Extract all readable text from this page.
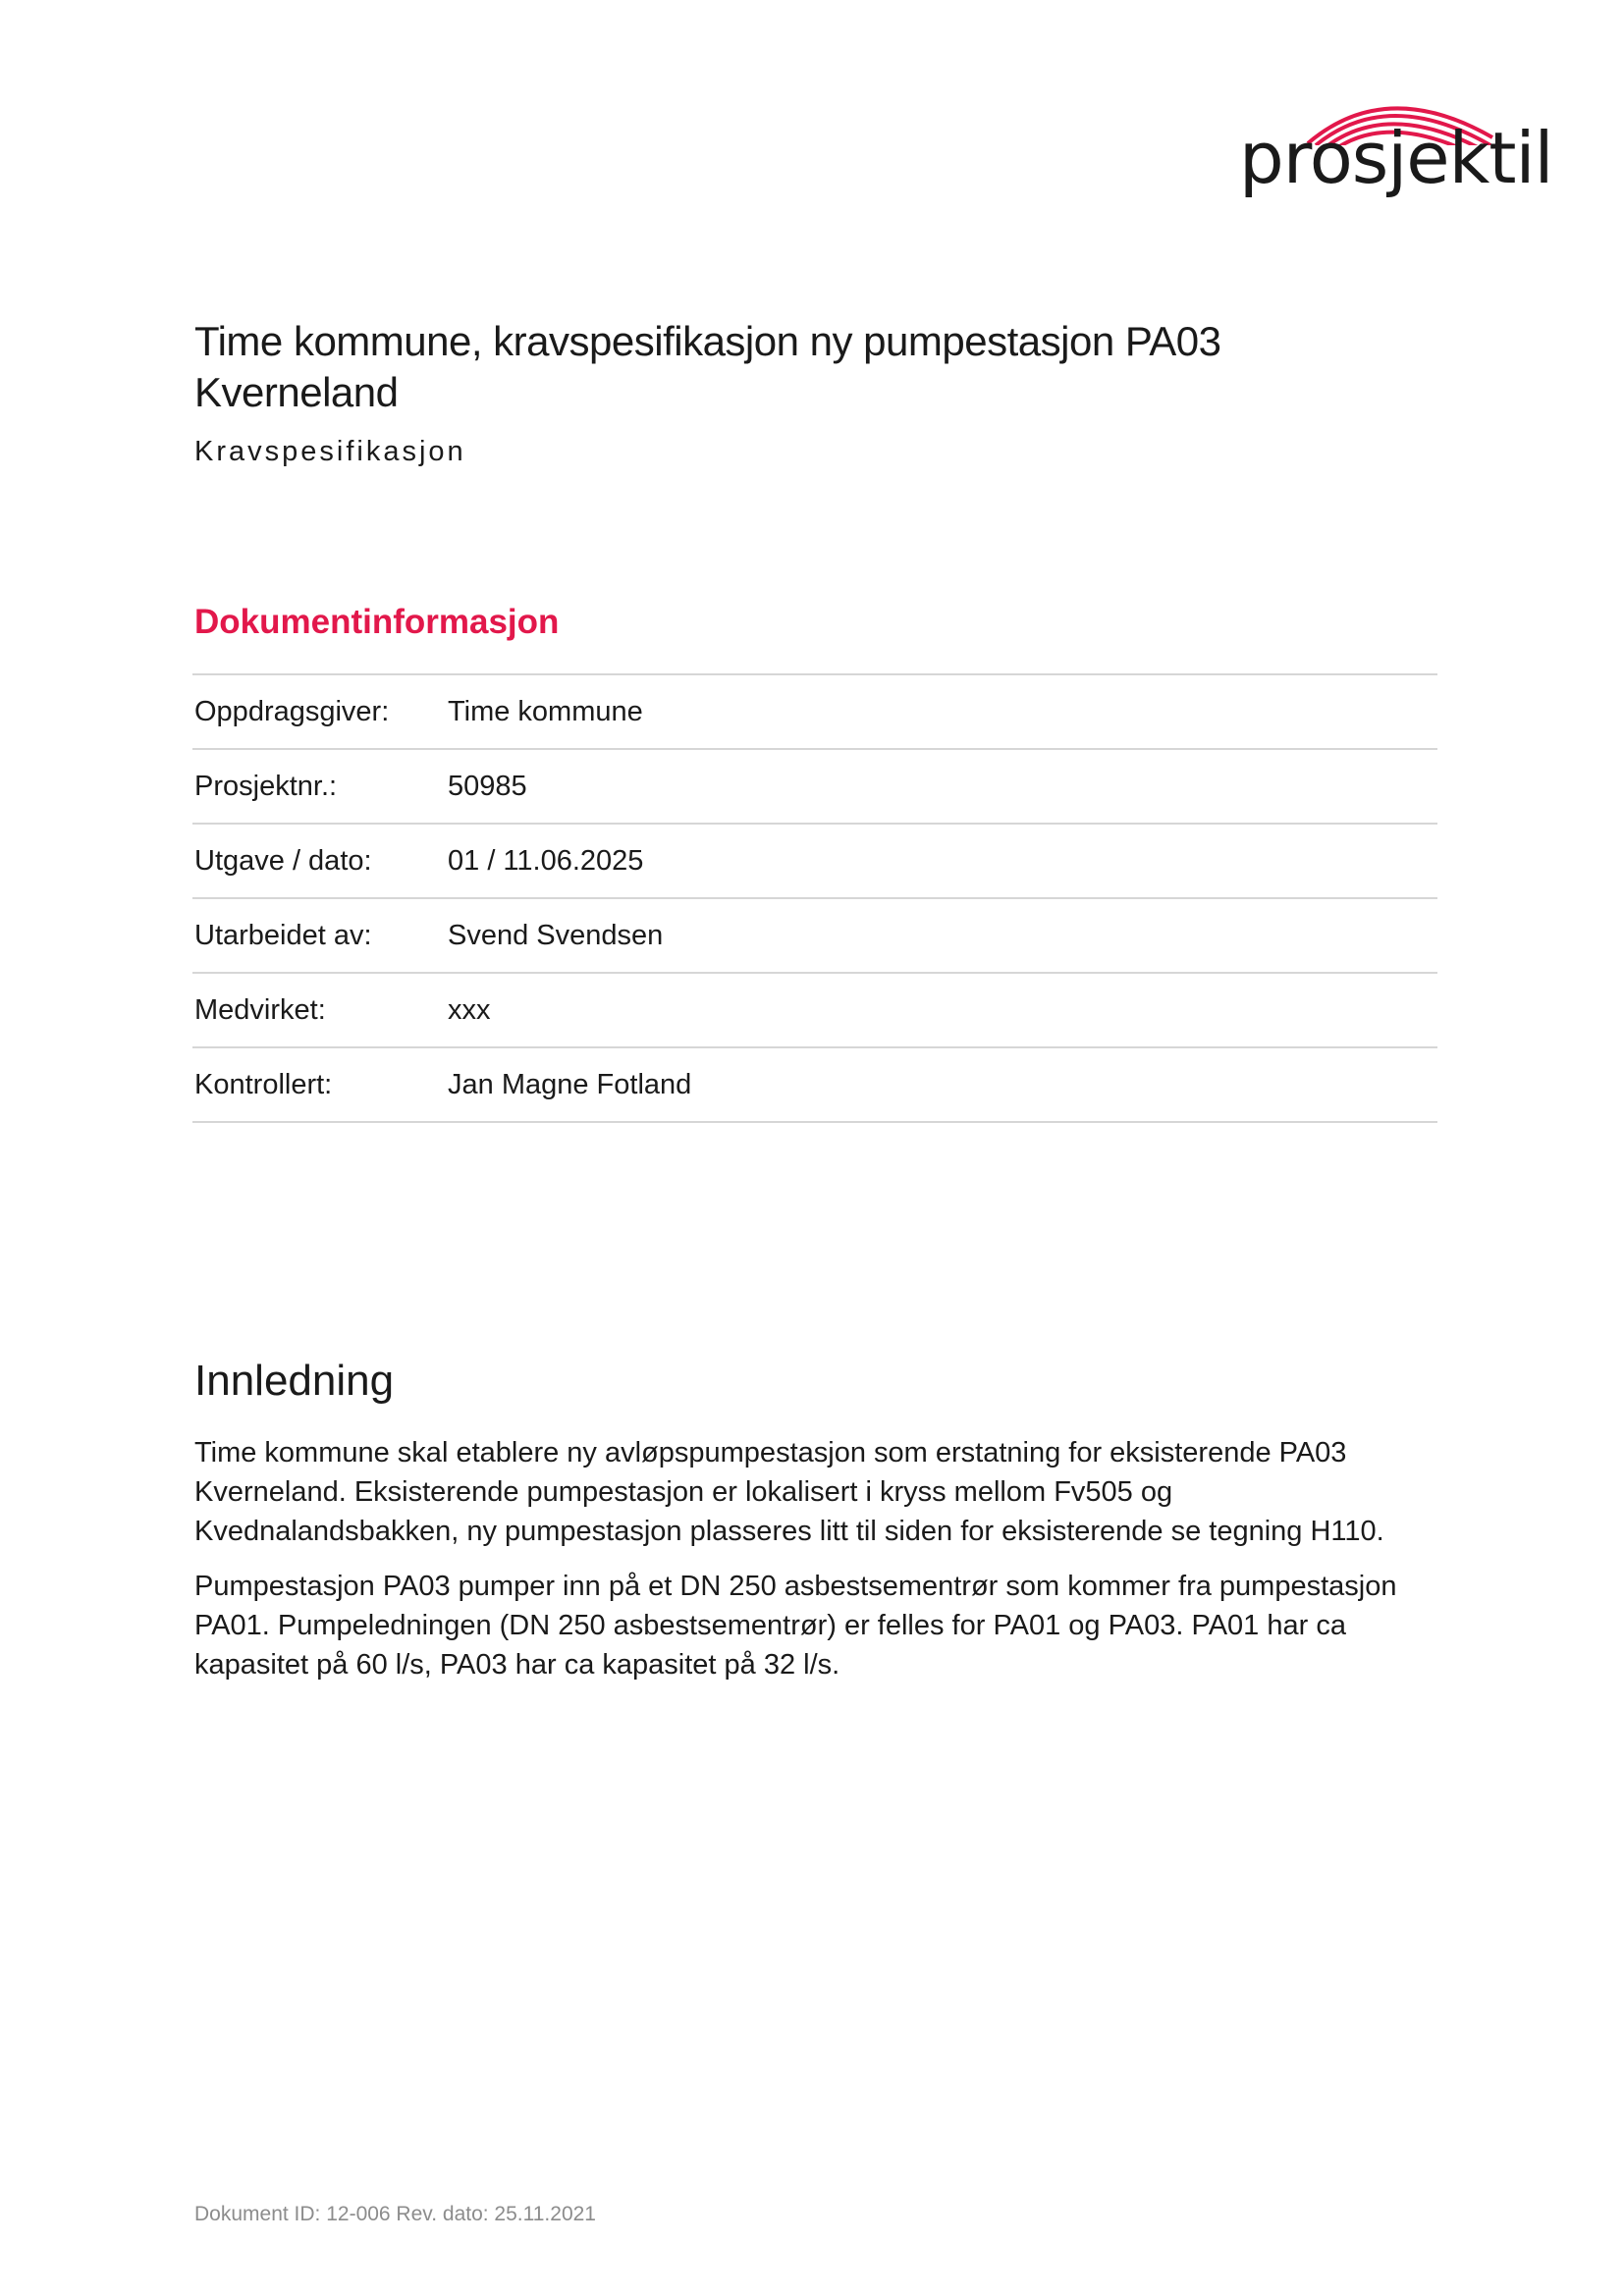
prosjektil
Time kommune, kravspesifikasjon ny pumpestasjon PA03 Kverneland
Kravspesifikasjon
Dokumentinformasjon
Oppdragsgiver:	Time kommune
Prosjektnr.:	50985
Utgave / dato:	01 / 11.06.2025
Utarbeidet av:	Svend Svendsen
Medvirket:	xxx
Kontrollert:	Jan Magne Fotland
Innledning

Time kommune skal etablere ny avløpspumpestasjon som erstatning for eksisterende PA03 Kverneland. Eksisterende pumpestasjon er lokalisert i kryss mellom Fv505 og Kvednalandsbakken, ny pumpestasjon plasseres litt til siden for eksisterende se tegning H110.

Pumpestasjon PA03 pumper inn på et DN 250 asbestsementrør som kommer fra pumpestasjon PA01. Pumpeledningen (DN 250 asbestsementrør) er felles for PA01 og PA03. PA01 har ca kapasitet på 60 l/s, PA03 har ca kapasitet på 32 l/s.

Dokument ID: 12-006 Rev. dato: 25.11.2021
